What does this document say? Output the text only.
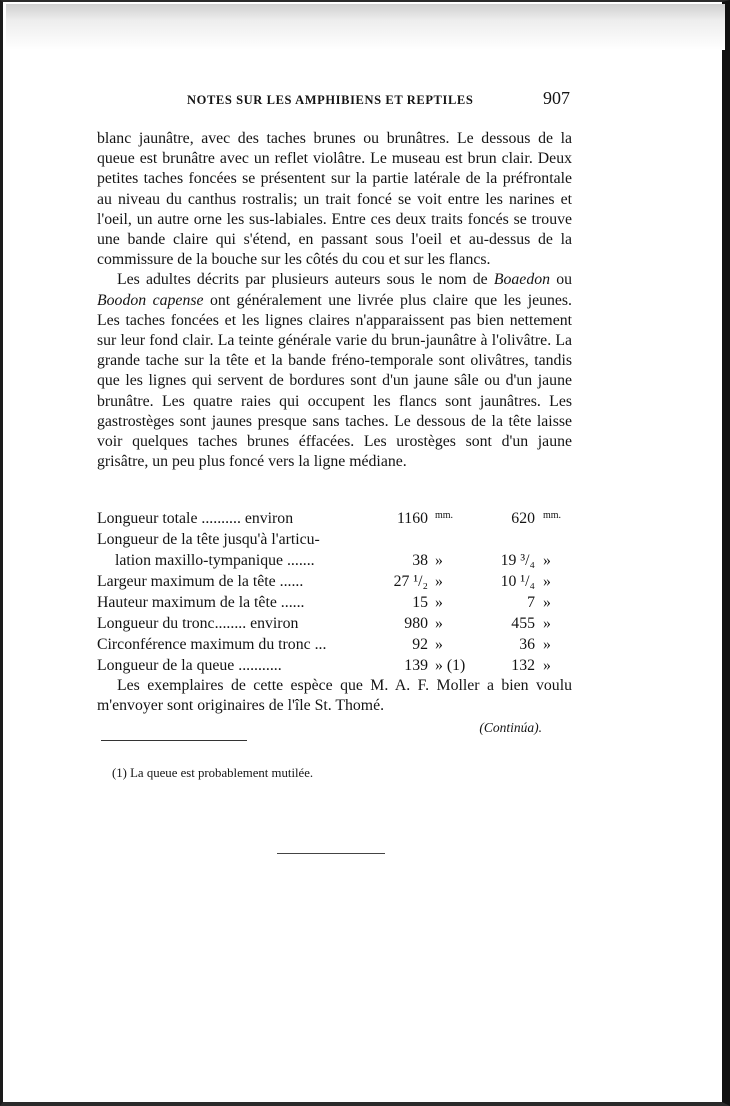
NOTES SUR LES AMPHIBIENS ET REPTILES	907

blanc jaunâtre, avec des taches brunes ou brunâtres. Le dessous de la queue est brunâtre avec un reflet violâtre. Le museau est brun clair. Deux petites taches foncées se présentent sur la partie latérale de la préfrontale au niveau du canthus rostralis; un trait foncé se voit entre les narines et l'oeil, un autre orne les sus-labiales. Entre ces deux traits foncés se trouve une bande claire qui s'étend, en passant sous l'oeil et au-dessus de la commissure de la bouche sur les côtés du cou et sur les flancs.

Les adultes décrits par plusieurs auteurs sous le nom de Boaedon ou Boodon capense ont généralement une livrée plus claire que les jeunes. Les taches foncées et les lignes claires n'apparaissent pas bien nettement sur leur fond clair. La teinte générale varie du brun-jaunâtre à l'olivâtre. La grande tache sur la tête et la bande fréno-temporale sont olivâtres, tandis que les lignes qui servent de bordures sont d'un jaune sâle ou d'un jaune brunâtre. Les quatre raies qui occupent les flancs sont jaunâtres. Les gastrostèges sont jaunes presque sans taches. Le dessous de la tête laisse voir quelques taches brunes éffacées. Les urostèges sont d'un jaune grisâtre, un peu plus foncé vers la ligne médiane.

Longueur totale .......... environ	1160 mm.	620 mm.
Longueur de la tête jusqu'à l'articu-
lation maxillo-tympanique .......	38 »	19 ³/₄ »
Largeur maximum de la tête ......	27 ¹/₂ »	10 ¹/₄ »
Hauteur maximum de la tête ......	15 »	7 »
Longueur du tronc........ environ	980 »	455 »
Circonférence maximum du tronc ...	92 »	36 »
Longueur de la queue ...........	139 » (1)	132 »

Les exemplaires de cette espèce que M. A. F. Moller a bien voulu m'envoyer sont originaires de l'île St. Thomé.

(Continúa).
(1) La queue est probablement mutilée.
